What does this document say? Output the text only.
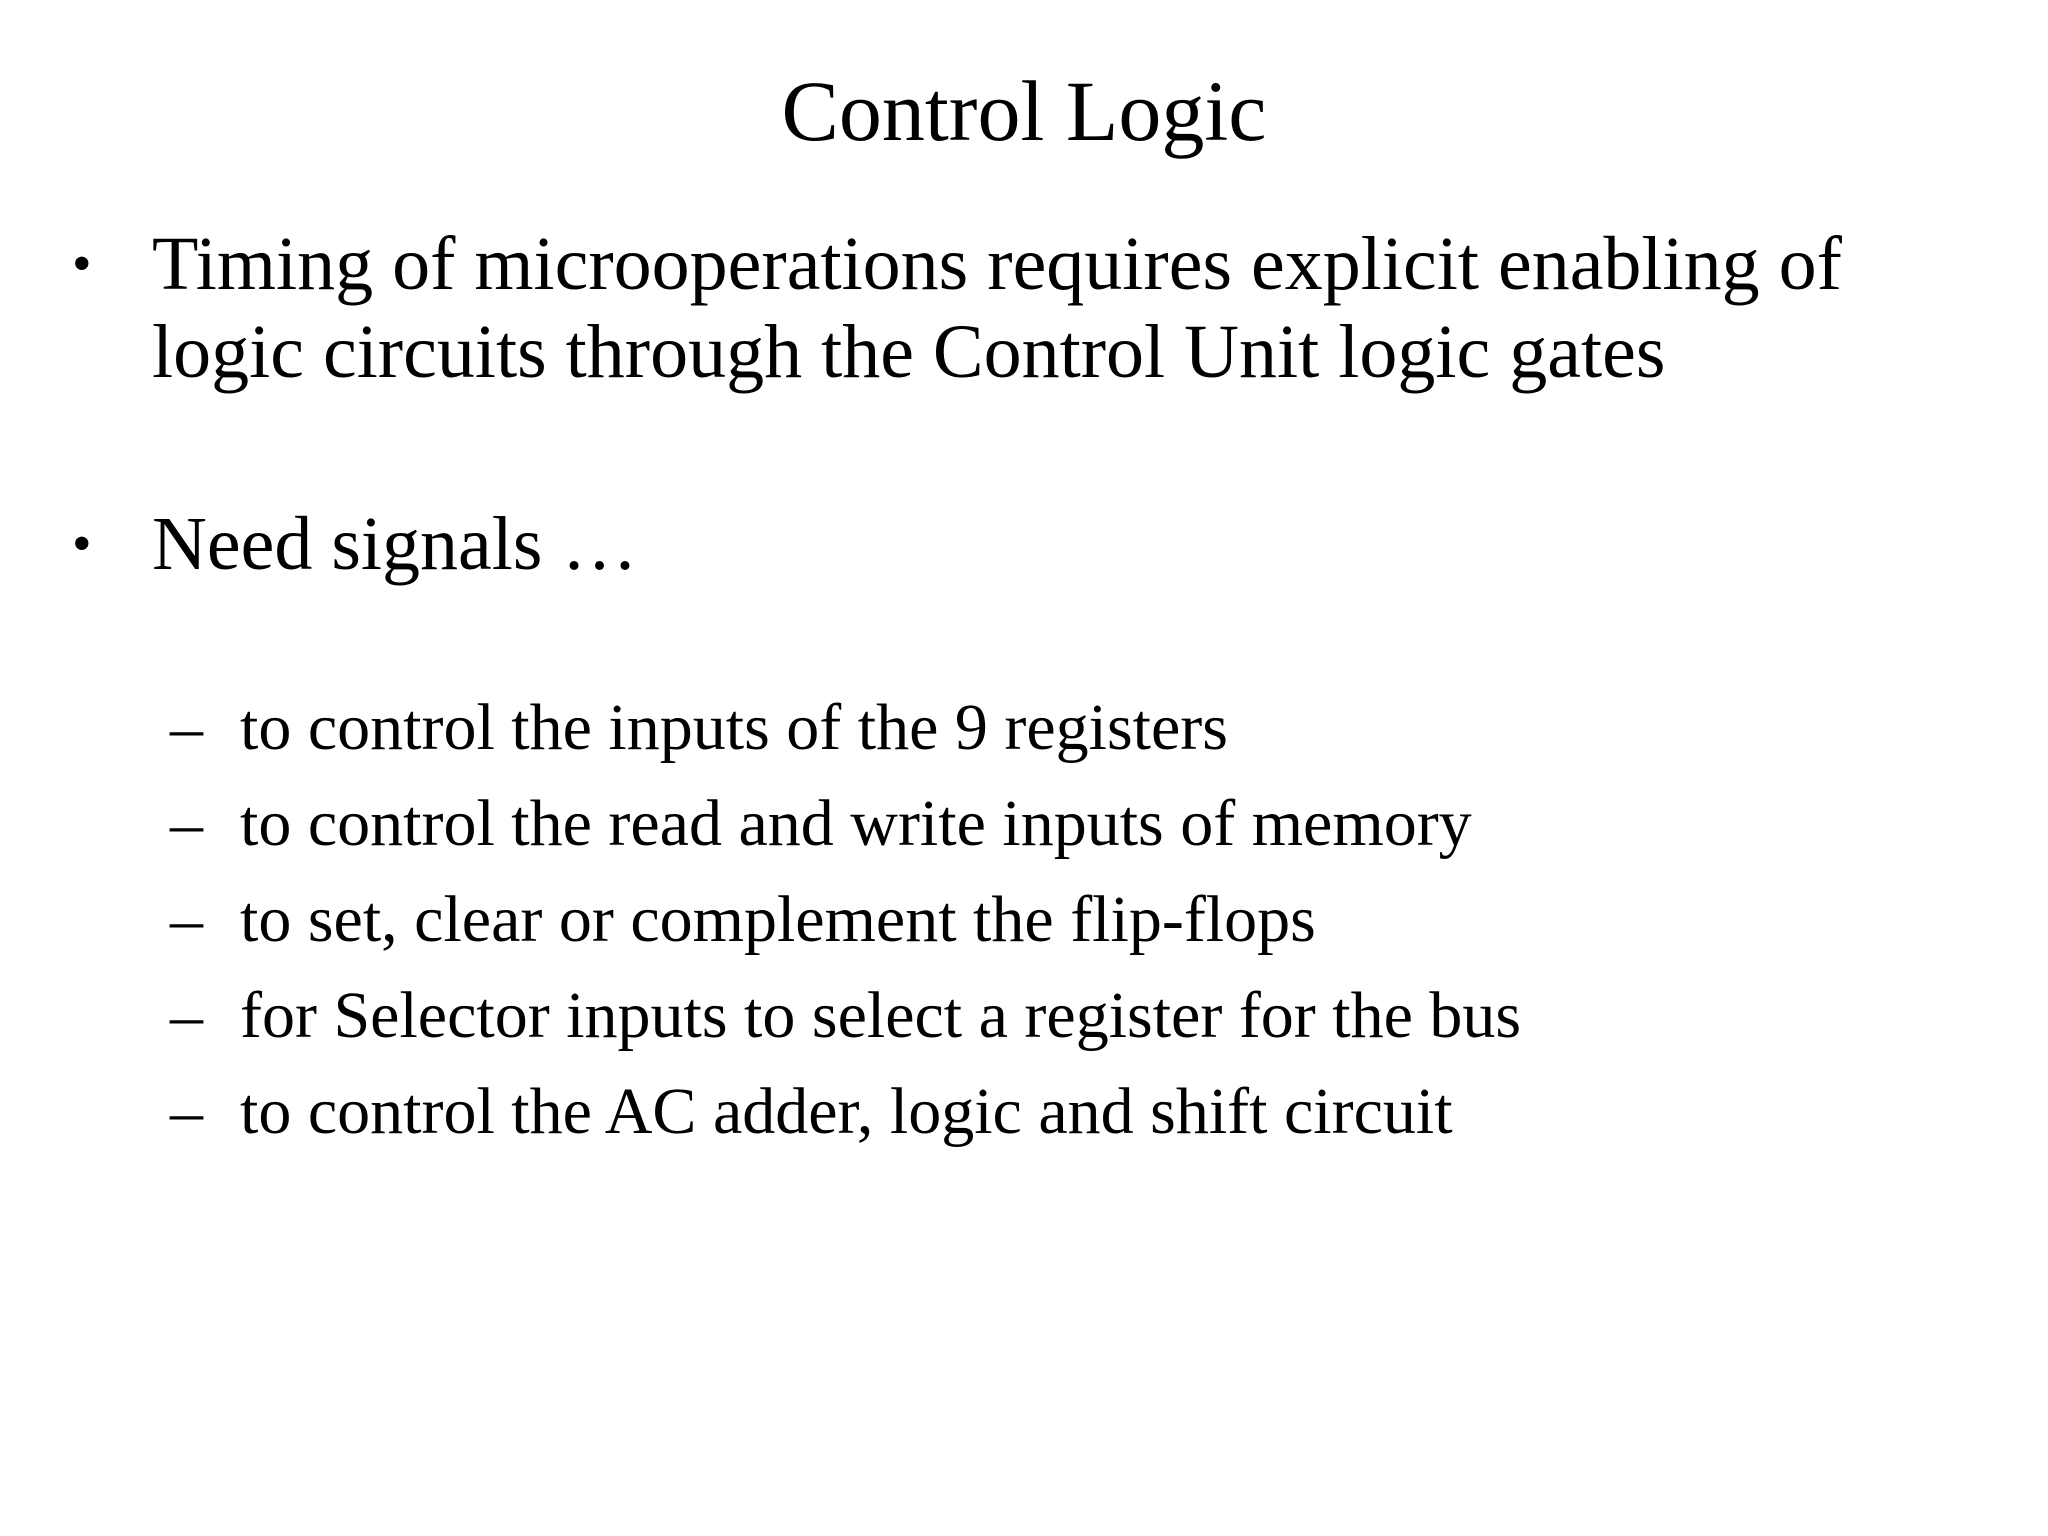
Control Logic
• Timing of microoperations requires explicit enabling of
logic circuits through the Control Unit logic gates
• Need signals …
– to control the inputs of the 9 registers
– to control the read and write inputs of memory
– to set, clear or complement the flip-flops
– for Selector inputs to select a register for the bus
– to control the AC adder, logic and shift circuit
